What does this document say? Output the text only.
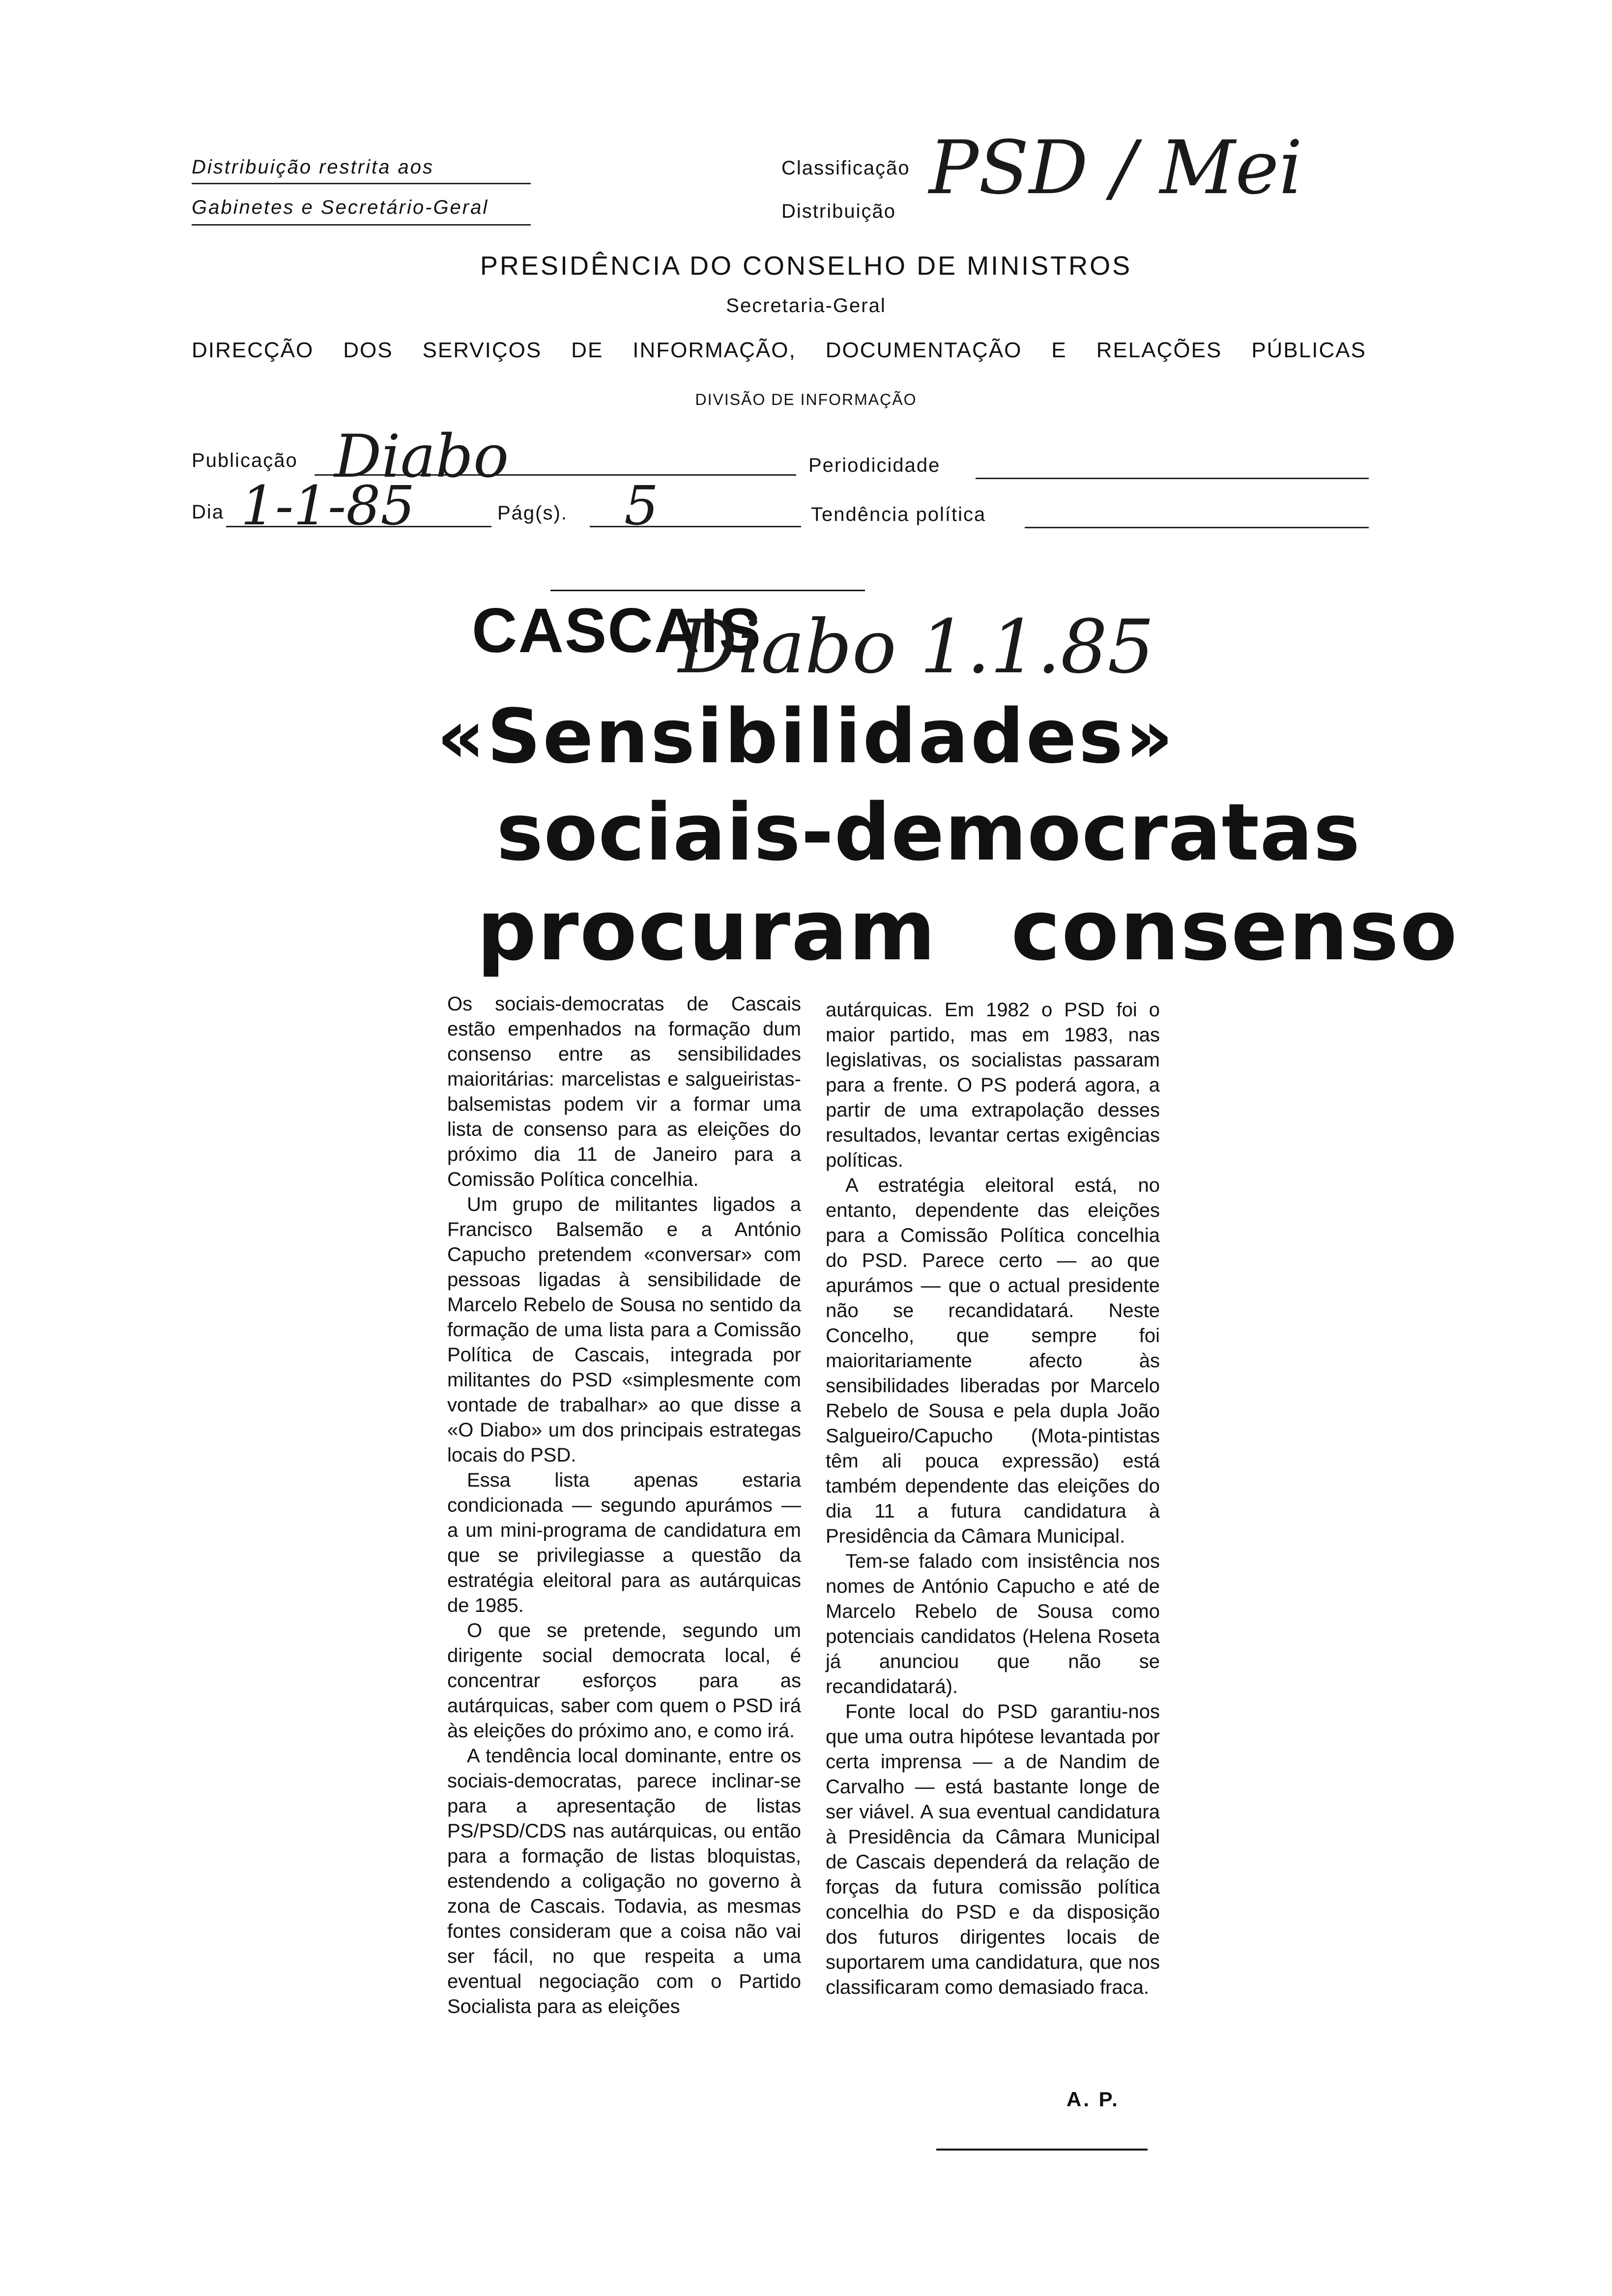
Distribuição restrita aos
Gabinetes e Secretário-Geral
Classificação
Distribuição
PSD / Mei
PRESIDÊNCIA DO CONSELHO DE MINISTROS
Secretaria-Geral
DIRECÇÃO DOS SERVIÇOS DE INFORMAÇÃO, DOCUMENTAÇÃO E RELAÇÕES PÚBLICAS
DIVISÃO DE INFORMAÇÃO
Publicação Diabo	Periodicidade
Dia 1-1-85	Pág(s). 5	Tendência política
CASCAIS
Diabo 1.1.85
«Sensibilidades»
sociais-democratas
procuram consenso

Os sociais-democratas de Cascais estão empenhados na formação dum consenso entre as sensibilidades maioritárias: marcelistas e salgueiristas-balsemistas podem vir a formar uma lista de consenso para as eleições do próximo dia 11 de Janeiro para a Comissão Política concelhia.

Um grupo de militantes ligados a Francisco Balsemão e a António Capucho pretendem «conversar» com pessoas ligadas à sensibilidade de Marcelo Rebelo de Sousa no sentido da formação de uma lista para a Comissão Política de Cascais, integrada por militantes do PSD «simplesmente com vontade de trabalhar» ao que disse a «O Diabo» um dos principais estrategas locais do PSD.

Essa lista apenas estaria condicionada — segundo apurámos — a um mini-programa de candidatura em que se privilegiasse a questão da estratégia eleitoral para as autárquicas de 1985.

O que se pretende, segundo um dirigente social democrata local, é concentrar esforços para as autárquicas, saber com quem o PSD irá às eleições do próximo ano, e como irá.

A tendência local dominante, entre os sociais-democratas, parece inclinar-se para a apresentação de listas PS/PSD/CDS nas autárquicas, ou então para a formação de listas bloquistas, estendendo a coligação no governo à zona de Cascais. Todavia, as mesmas fontes consideram que a coisa não vai ser fácil, no que respeita a uma eventual negociação com o Partido Socialista para as eleições

autárquicas. Em 1982 o PSD foi o maior partido, mas em 1983, nas legislativas, os socialistas passaram para a frente. O PS poderá agora, a partir de uma extrapolação desses resultados, levantar certas exigências políticas.

A estratégia eleitoral está, no entanto, dependente das eleições para a Comissão Política concelhia do PSD. Parece certo — ao que apurámos — que o actual presidente não se recandidatará. Neste Concelho, que sempre foi maioritariamente afecto às sensibilidades liberadas por Marcelo Rebelo de Sousa e pela dupla João Salgueiro/Capucho (Mota-pintistas têm ali pouca expressão) está também dependente das eleições do dia 11 a futura candidatura à Presidência da Câmara Municipal.

Tem-se falado com insistência nos nomes de António Capucho e até de Marcelo Rebelo de Sousa como potenciais candidatos (Helena Roseta já anunciou que não se recandidatará).

Fonte local do PSD garantiu-nos que uma outra hipótese levantada por certa imprensa — a de Nandim de Carvalho — está bastante longe de ser viável. A sua eventual candidatura à Presidência da Câmara Municipal de Cascais dependerá da relação de forças da futura comissão política concelhia do PSD e da disposição dos futuros dirigentes locais de suportarem uma candidatura, que nos classificaram como demasiado fraca.

A. P.
